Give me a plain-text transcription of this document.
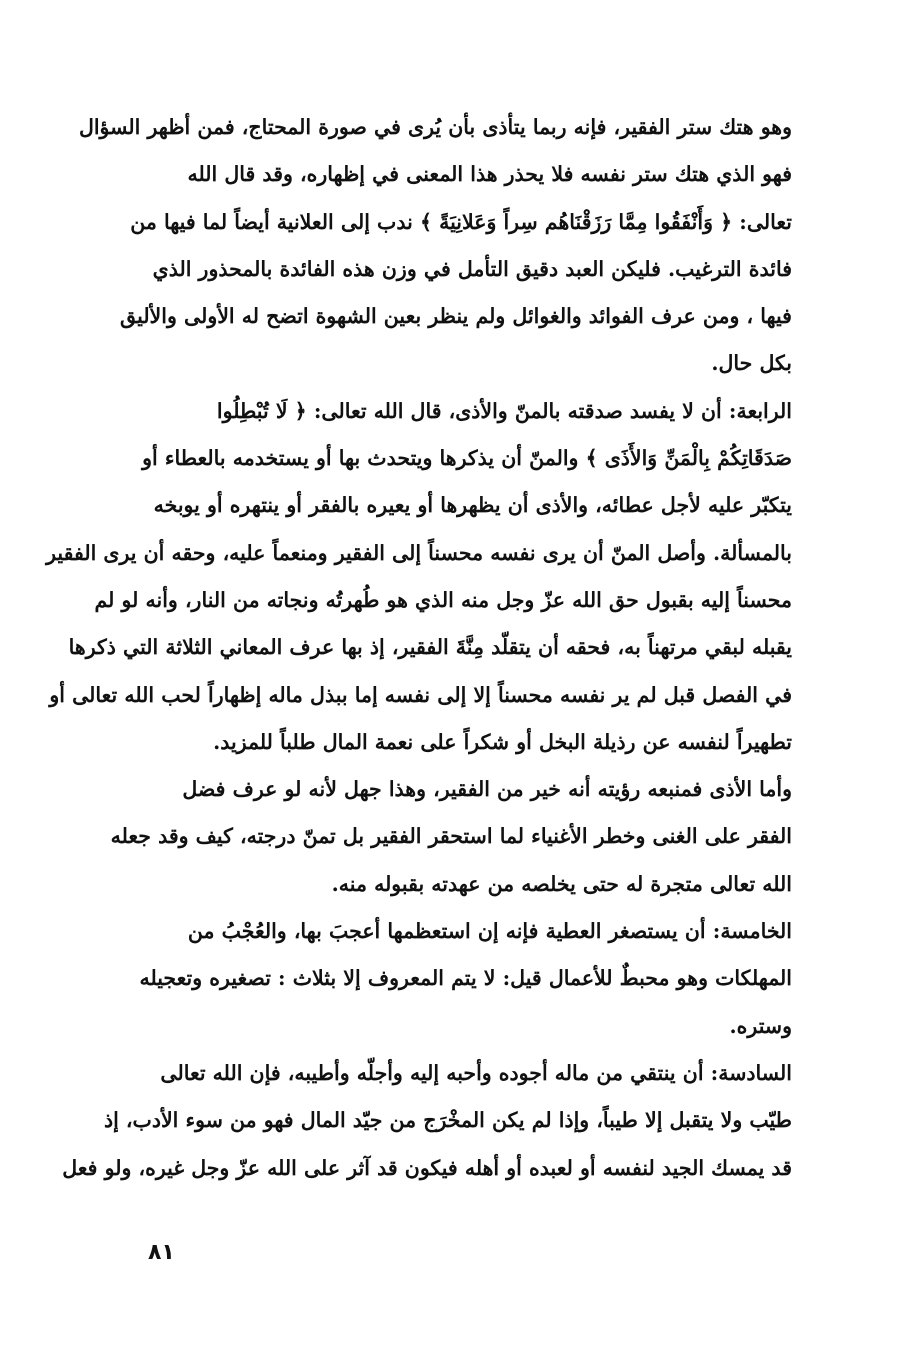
وهو هتك ستر الفقير، فإنه ربما يتأذى بأن يُرى في صورة المحتاج، فمن أظهر السؤال
فهو الذي هتك ستر نفسه فلا يحذر هذا المعنى في إظهاره، وقد قال الله
تعالى: ﴿ وَأَنْفَقُوا مِمَّا رَزَقْنَاهُم سِراً وَعَلانِيَةً ﴾ ندب إلى العلانية أيضاً لما فيها من
فائدة الترغيب. فليكن العبد دقيق التأمل في وزن هذه الفائدة بالمحذور الذي
فيها ، ومن عرف الفوائد والغوائل ولم ينظر بعين الشهوة اتضح له الأولى والأليق
بكل حال.
الرابعة: أن لا يفسد صدقته بالمنّ والأذى، قال الله تعالى: ﴿ لَا تُبْطِلُوا
صَدَقَاتِكُمْ بِالْمَنِّ وَالأَذَى ﴾ والمنّ أن يذكرها ويتحدث بها أو يستخدمه بالعطاء أو
يتكبّر عليه لأجل عطائه، والأذى أن يظهرها أو يعيره بالفقر أو ينتهره أو يوبخه
بالمسألة. وأصل المنّ أن يرى نفسه محسناً إلى الفقير ومنعماً عليه، وحقه أن يرى الفقير
محسناً إليه بقبول حق الله عزّ وجل منه الذي هو طُهرتُه ونجاته من النار، وأنه لو لم
يقبله لبقي مرتهناً به، فحقه أن يتقلّد مِنَّةَ الفقير، إذ بها عرف المعاني الثلاثة التي ذكرها
في الفصل قبل لم ير نفسه محسناً إلا إلى نفسه إما ببذل ماله إظهاراً لحب الله تعالى أو
تطهيراً لنفسه عن رذيلة البخل أو شكراً على نعمة المال طلباً للمزيد.
وأما الأذى فمنبعه رؤيته أنه خير من الفقير، وهذا جهل لأنه لو عرف فضل
الفقر على الغنى وخطر الأغنياء لما استحقر الفقير بل تمنّ درجته، كيف وقد جعله
الله تعالى متجرة له حتى يخلصه من عهدته بقبوله منه.
الخامسة: أن يستصغر العطية فإنه إن استعظمها أعجبَ بها، والعُجْبُ من
المهلكات وهو محبطٌ للأعمال قيل: لا يتم المعروف إلا بثلاث : تصغيره وتعجيله
وستره.
السادسة: أن ينتقي من ماله أجوده وأحبه إليه وأجلّه وأطيبه، فإن الله تعالى
طيّب ولا يتقبل إلا طيباً، وإذا لم يكن المخْرَج من جيّد المال فهو من سوء الأدب، إذ
قد يمسك الجيد لنفسه أو لعبده أو أهله فيكون قد آثر على الله عزّ وجل غيره، ولو فعل
٨١
